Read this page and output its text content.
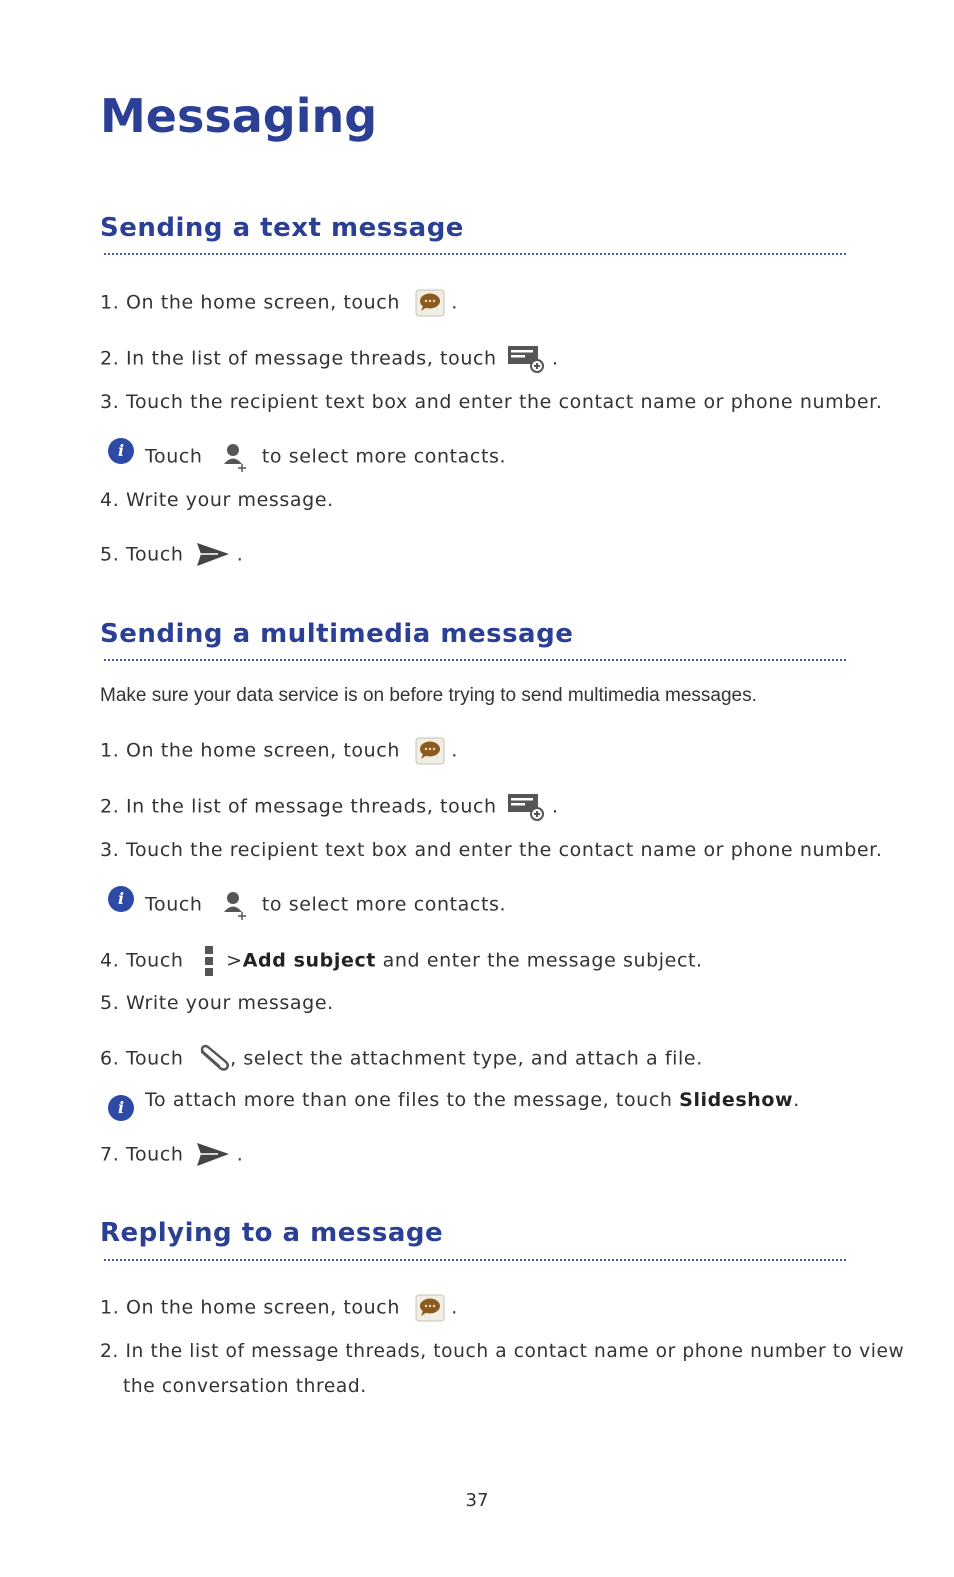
Messaging
Sending a text message
1. On the home screen, touch	.
2. In the list of message threads, touch	.
3. Touch the recipient text box and enter the contact name or phone number.
i	Touch	to select more contacts.
4. Write your message.
5. Touch	.
Sending a multimedia message
Make sure your data service is on before trying to send multimedia messages.
1. On the home screen, touch	.
2. In the list of message threads, touch	.
3. Touch the recipient text box and enter the contact name or phone number.
i	Touch	to select more contacts.
4. Touch >Add subject and enter the message subject.
5. Write your message.
6. Touch , select the attachment type, and attach a file.
i	To attach more than one files to the message, touch Slideshow.
7. Touch	.
Replying to a message
1. On the home screen, touch	.
2. In the list of message threads, touch a contact name or phone number to view
the conversation thread.
37
